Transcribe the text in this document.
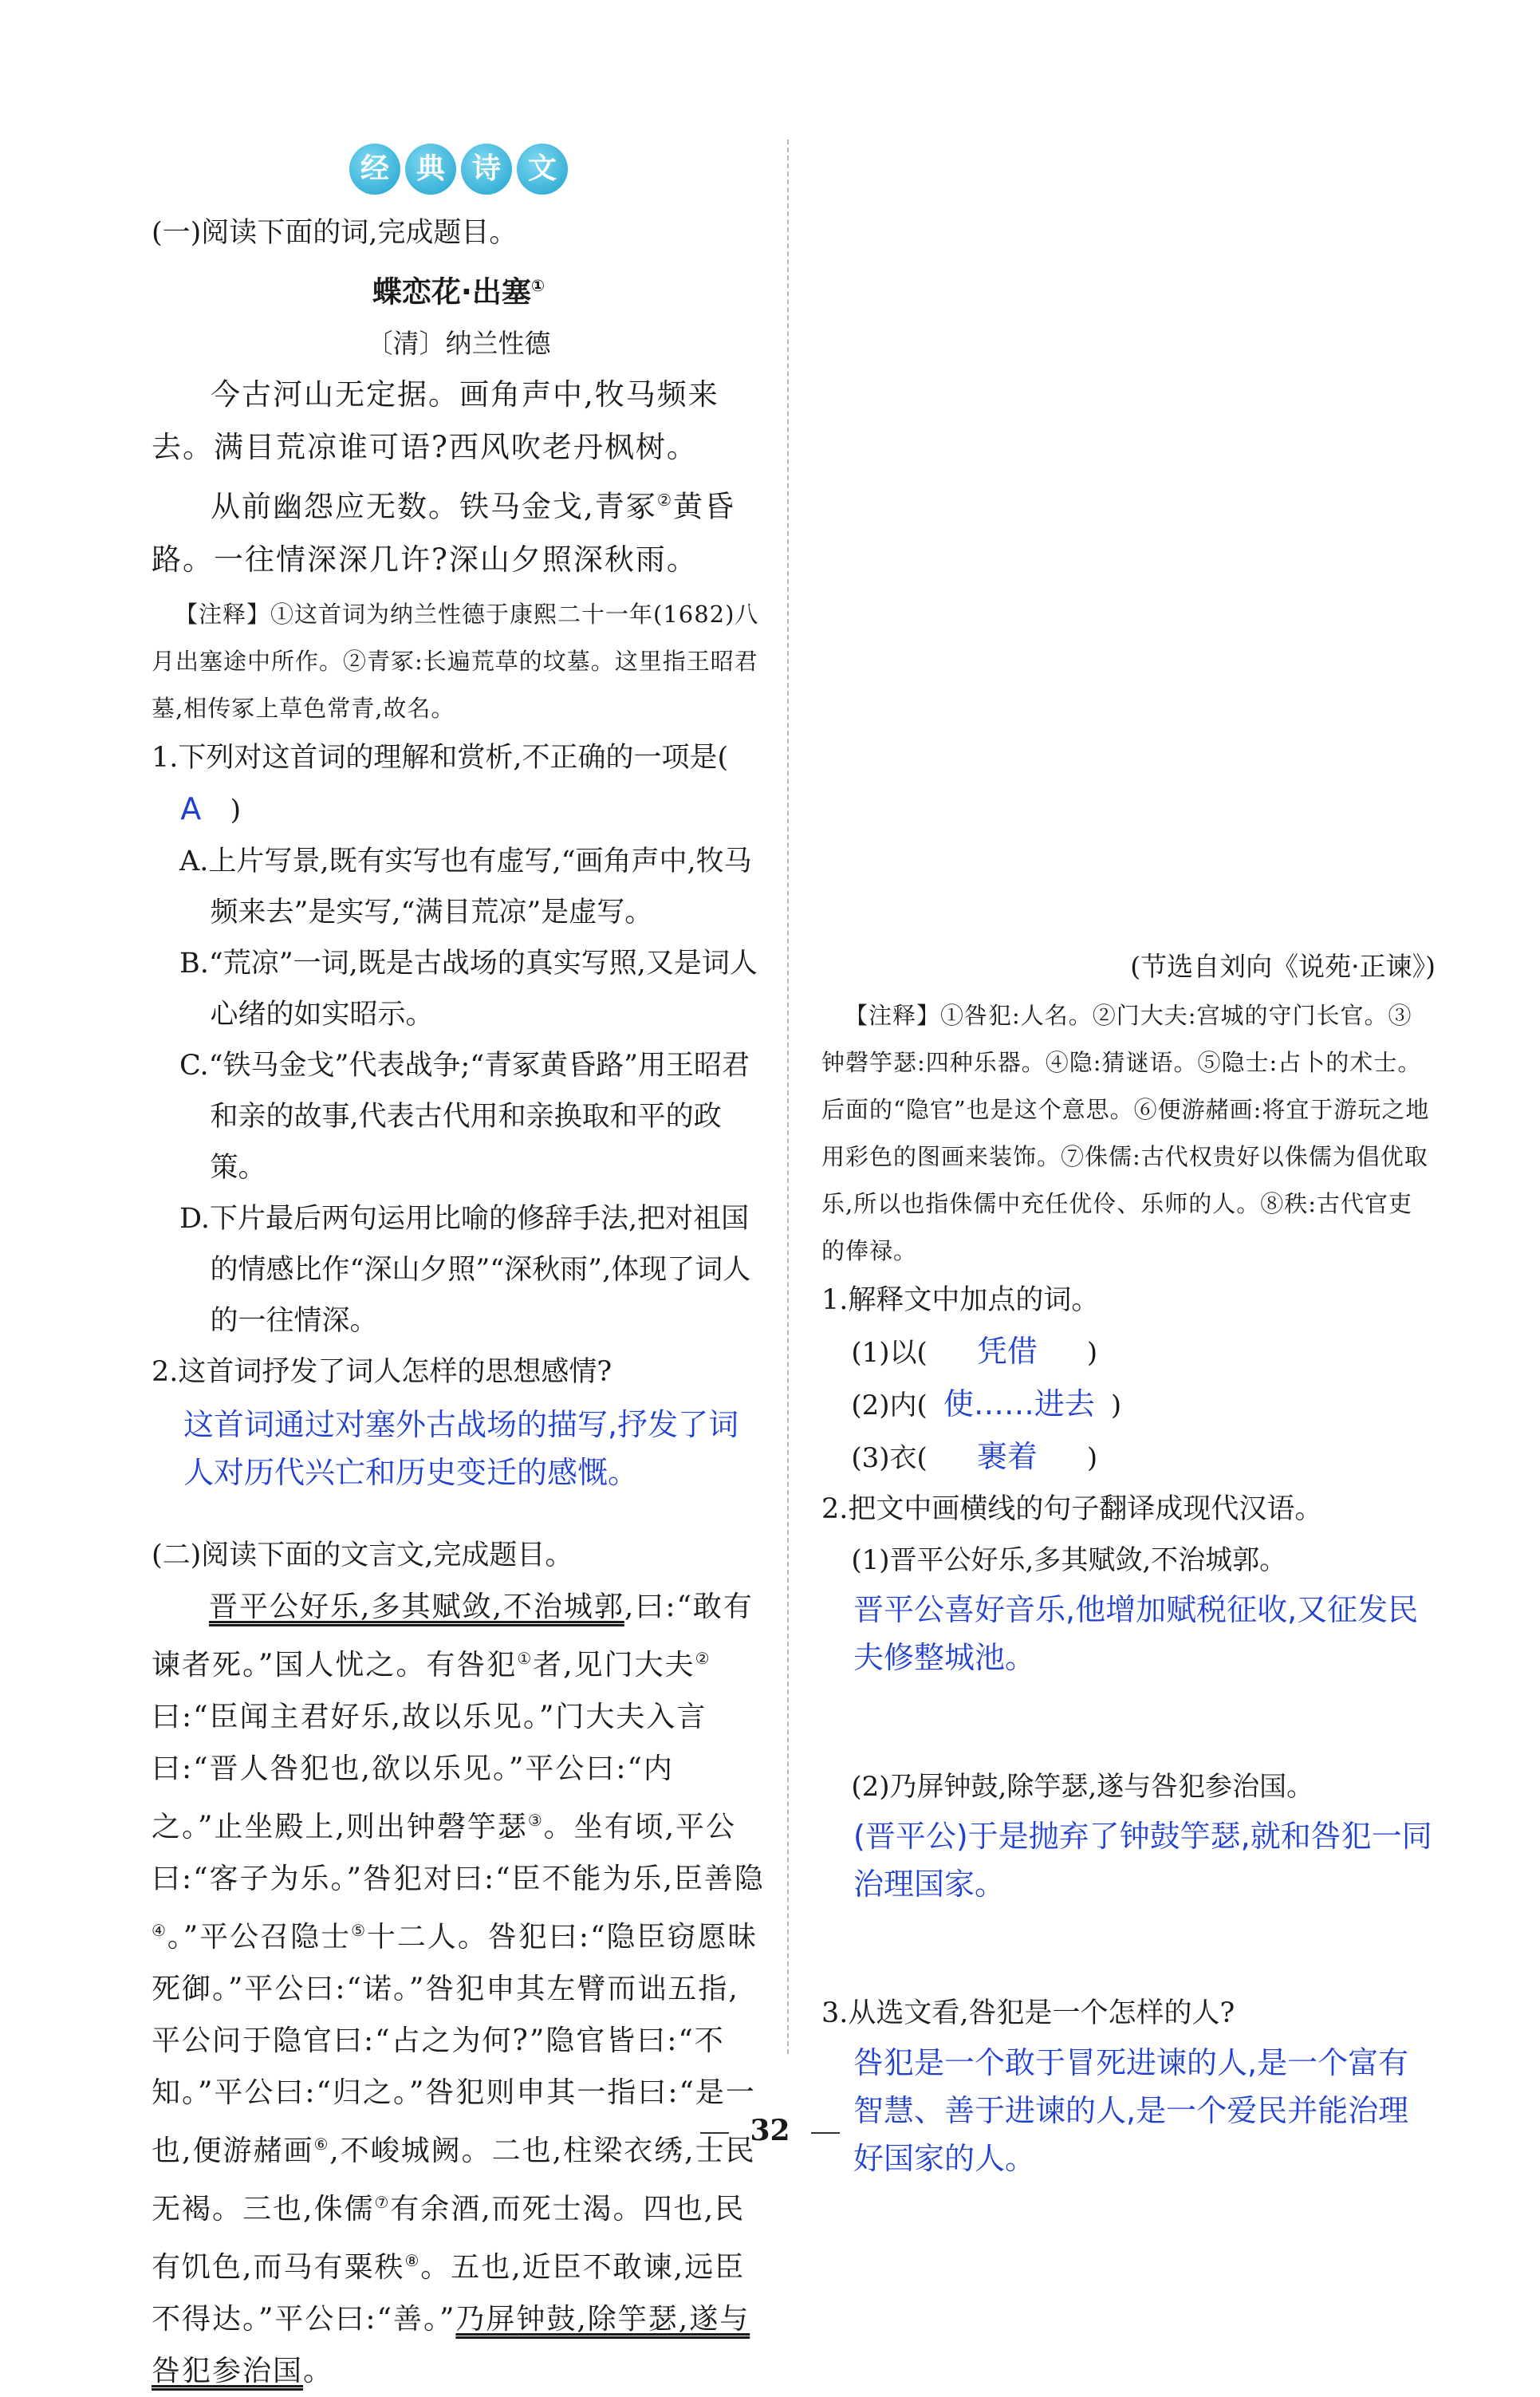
经 典 诗 文

(一)阅读下面的词,完成题目。

蝶恋花·出塞①

〔清〕纳兰性德

今古河山无定据。画角声中,牧马频来去。满目荒凉谁可语?西风吹老丹枫树。

从前幽怨应无数。铁马金戈,青冢②黄昏路。一往情深深几许?深山夕照深秋雨。

【注释】①这首词为纳兰性德于康熙二十一年(1682)八月出塞途中所作。②青冢:长遍荒草的坟墓。这里指王昭君墓,相传冢上草色常青,故名。

1.下列对这首词的理解和赏析,不正确的一项是(A )

A.上片写景,既有实写也有虚写,“画角声中,牧马频来去”是实写,“满目荒凉”是虚写。

B.“荒凉”一词,既是古战场的真实写照,又是词人心绪的如实昭示。

C.“铁马金戈”代表战争;“青冢黄昏路”用王昭君和亲的故事,代表古代用和亲换取和平的政策。

D.下片最后两句运用比喻的修辞手法,把对祖国的情感比作“深山夕照”“深秋雨”,体现了词人的一往情深。

2.这首词抒发了词人怎样的思想感情?

这首词通过对塞外古战场的描写,抒发了词人对历代兴亡和历史变迁的感慨。

(二)阅读下面的文言文,完成题目。

晋平公好乐,多其赋敛,不治城郭,曰:“敢有谏者死。”国人忧之。有咎犯①者,见门大夫②曰:“臣闻主君好乐,故以乐见。”门大夫入言曰:“晋人咎犯也,欲以乐见。”平公曰:“内之。”止坐殿上,则出钟磬竽瑟③。坐有顷,平公曰:“客子为乐。”咎犯对曰:“臣不能为乐,臣善隐④。”平公召隐士⑤十二人。咎犯曰:“隐臣窃愿昧死御。”平公曰:“诺。”咎犯申其左臂而诎五指,平公问于隐官曰:“占之为何?”隐官皆曰:“不知。”平公曰:“归之。”咎犯则申其一指曰:“是一也,便游赭画⑥,不峻城阙。二也,柱梁衣绣,士民无褐。三也,侏儒⑦有余酒,而死士渴。四也,民有饥色,而马有粟秩⑧。五也,近臣不敢谏,远臣不得达。”平公曰:“善。”乃屏钟鼓,除竽瑟,遂与咎犯参治国。

(节选自刘向《说苑·正谏》)

【注释】①咎犯:人名。②门大夫:宫城的守门长官。③钟磬竽瑟:四种乐器。④隐:猜谜语。⑤隐士:占卜的术士。后面的“隐官”也是这个意思。⑥便游赭画:将宜于游玩之地用彩色的图画来装饰。⑦侏儒:古代权贵好以侏儒为倡优取乐,所以也指侏儒中充任优伶、乐师的人。⑧秩:古代官吏的俸禄。

1.解释文中加点的词。

(1)以( 凭借 )

(2)内( 使……进去 )

(3)衣( 裹着 )

2.把文中画横线的句子翻译成现代汉语。

(1)晋平公好乐,多其赋敛,不治城郭。

晋平公喜好音乐,他增加赋税征收,又征发民夫修整城池。

(2)乃屏钟鼓,除竽瑟,遂与咎犯参治国。

(晋平公)于是抛弃了钟鼓竽瑟,就和咎犯一同治理国家。

3.从选文看,咎犯是一个怎样的人?

咎犯是一个敢于冒死进谏的人,是一个富有智慧、善于进谏的人,是一个爱民并能治理好国家的人。

32
